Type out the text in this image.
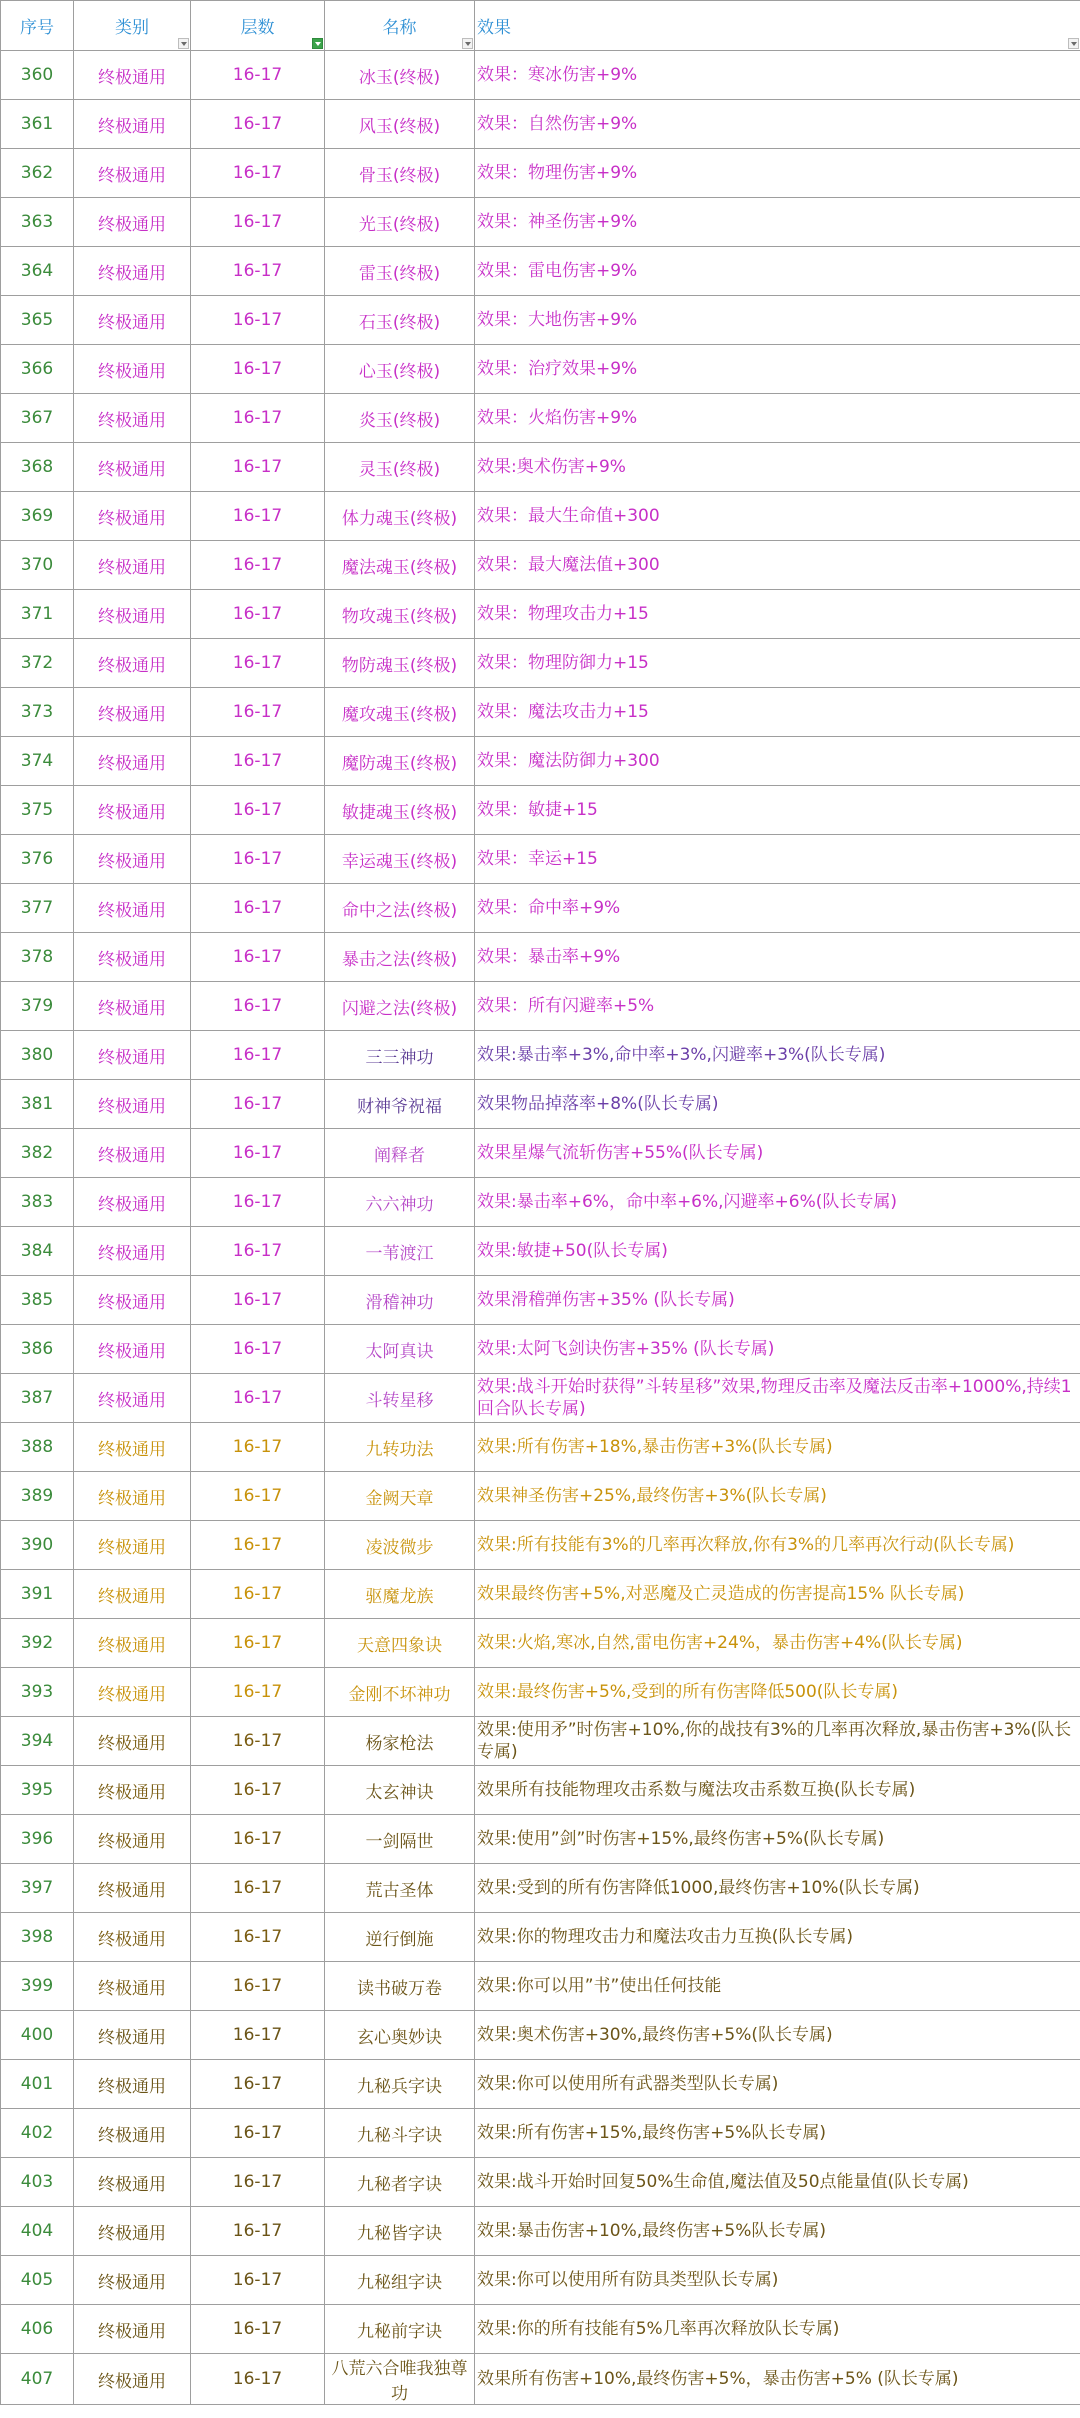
序号	类别	层数	名称	效果

360	终极通用	16-17	冰玉(终极)	效果：寒冰伤害+9%
361	终极通用	16-17	风玉(终极)	效果：自然伤害+9%
362	终极通用	16-17	骨玉(终极)	效果：物理伤害+9%
363	终极通用	16-17	光玉(终极)	效果：神圣伤害+9%
364	终极通用	16-17	雷玉(终极)	效果：雷电伤害+9%
365	终极通用	16-17	石玉(终极)	效果：大地伤害+9%
366	终极通用	16-17	心玉(终极)	效果：治疗效果+9%
367	终极通用	16-17	炎玉(终极)	效果：火焰伤害+9%
368	终极通用	16-17	灵玉(终极)	效果:奥术伤害+9%
369	终极通用	16-17	体力魂玉(终极)	效果：最大生命值+300
370	终极通用	16-17	魔法魂玉(终极)	效果：最大魔法值+300
371	终极通用	16-17	物攻魂玉(终极)	效果：物理攻击力+15
372	终极通用	16-17	物防魂玉(终极)	效果：物理防御力+15
373	终极通用	16-17	魔攻魂玉(终极)	效果：魔法攻击力+15
374	终极通用	16-17	魔防魂玉(终极)	效果：魔法防御力+300
375	终极通用	16-17	敏捷魂玉(终极)	效果：敏捷+15
376	终极通用	16-17	幸运魂玉(终极)	效果：幸运+15
377	终极通用	16-17	命中之法(终极)	效果：命中率+9%
378	终极通用	16-17	暴击之法(终极)	效果：暴击率+9%
379	终极通用	16-17	闪避之法(终极)	效果：所有闪避率+5%
380	终极通用	16-17	三三神功	效果:暴击率+3%,命中率+3%,闪避率+3%(队长专属)
381	终极通用	16-17	财神爷祝福	效果物品掉落率+8%(队长专属)
382	终极通用	16-17	阐释者	效果星爆气流斩伤害+55%(队长专属)
383	终极通用	16-17	六六神功	效果:暴击率+6%，命中率+6%,闪避率+6%(队长专属)
384	终极通用	16-17	一苇渡江	效果:敏捷+50(队长专属)
385	终极通用	16-17	滑稽神功	效果滑稽弹伤害+35% (队长专属)
386	终极通用	16-17	太阿真诀	效果:太阿飞剑诀伤害+35% (队长专属)
387	终极通用	16-17	斗转星移	效果:战斗开始时获得”斗转星移”效果,物理反击率及魔法反击率+1000%,持续1回合队长专属)
388	终极通用	16-17	九转功法	效果:所有伤害+18%,暴击伤害+3%(队长专属)
389	终极通用	16-17	金阙天章	效果神圣伤害+25%,最终伤害+3%(队长专属)
390	终极通用	16-17	凌波微步	效果:所有技能有3%的几率再次释放,你有3%的几率再次行动(队长专属)
391	终极通用	16-17	驱魔龙族	效果最终伤害+5%,对恶魔及亡灵造成的伤害提高15% 队长专属)
392	终极通用	16-17	天意四象诀	效果:火焰,寒冰,自然,雷电伤害+24%，暴击伤害+4%(队长专属)
393	终极通用	16-17	金刚不坏神功	效果:最终伤害+5%,受到的所有伤害降低500(队长专属)
394	终极通用	16-17	杨家枪法	效果:使用矛”时伤害+10%,你的战技有3%的几率再次释放,暴击伤害+3%(队长专属)
395	终极通用	16-17	太玄神诀	效果所有技能物理攻击系数与魔法攻击系数互换(队长专属)
396	终极通用	16-17	一剑隔世	效果:使用”剑”时伤害+15%,最终伤害+5%(队长专属)
397	终极通用	16-17	荒古圣体	效果:受到的所有伤害降低1000,最终伤害+10%(队长专属)
398	终极通用	16-17	逆行倒施	效果:你的物理攻击力和魔法攻击力互换(队长专属)
399	终极通用	16-17	读书破万卷	效果:你可以用”书”使出任何技能
400	终极通用	16-17	玄心奥妙诀	效果:奥术伤害+30%,最终伤害+5%(队长专属)
401	终极通用	16-17	九秘兵字诀	效果:你可以使用所有武器类型队长专属)
402	终极通用	16-17	九秘斗字诀	效果:所有伤害+15%,最终伤害+5%队长专属)
403	终极通用	16-17	九秘者字诀	效果:战斗开始时回复50%生命值,魔法值及50点能量值(队长专属)
404	终极通用	16-17	九秘皆字诀	效果:暴击伤害+10%,最终伤害+5%队长专属)
405	终极通用	16-17	九秘组字诀	效果:你可以使用所有防具类型队长专属)
406	终极通用	16-17	九秘前字诀	效果:你的所有技能有5%几率再次释放队长专属)
407	终极通用	16-17	八荒六合唯我独尊功	效果所有伤害+10%,最终伤害+5%，暴击伤害+5% (队长专属)
